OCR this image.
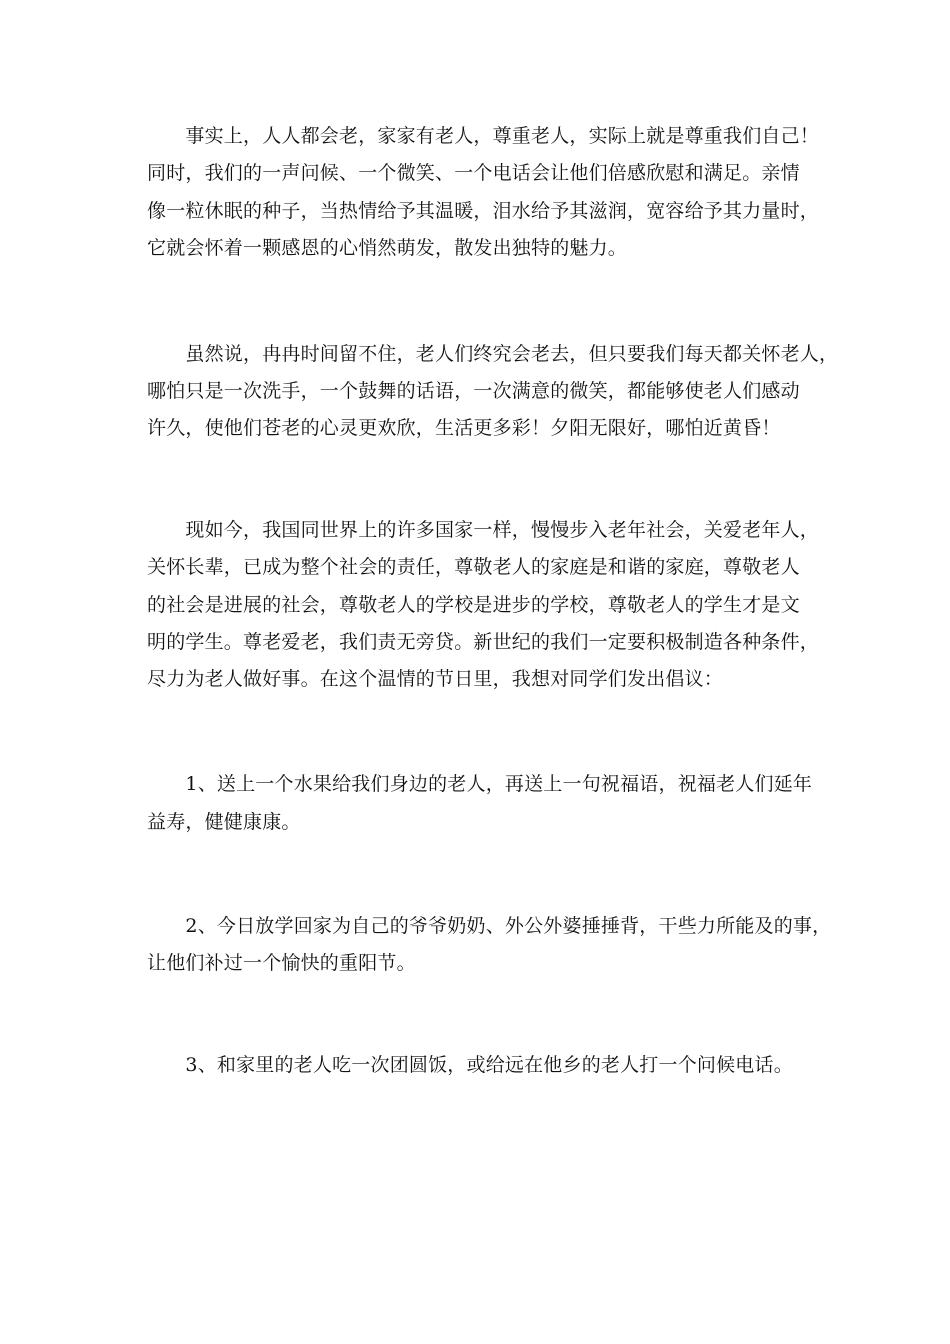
　　事实上，人人都会老，家家有老人，尊重老人，实际上就是尊重我们自己！
同时，我们的一声问候、一个微笑、一个电话会让他们倍感欣慰和满足。亲情
像一粒休眠的种子，当热情给予其温暖，泪水给予其滋润，宽容给予其力量时，
它就会怀着一颗感恩的心悄然萌发，散发出独特的魅力。
　　虽然说，冉冉时间留不住，老人们终究会老去，但只要我们每天都关怀老人，
哪怕只是一次洗手，一个鼓舞的话语，一次满意的微笑，都能够使老人们感动
许久，使他们苍老的心灵更欢欣，生活更多彩！夕阳无限好，哪怕近黄昏！
　　现如今，我国同世界上的许多国家一样，慢慢步入老年社会，关爱老年人，
关怀长辈，已成为整个社会的责任，尊敬老人的家庭是和谐的家庭，尊敬老人
的社会是进展的社会，尊敬老人的学校是进步的学校，尊敬老人的学生才是文
明的学生。尊老爱老，我们责无旁贷。新世纪的我们一定要积极制造各种条件，
尽力为老人做好事。在这个温情的节日里，我想对同学们发出倡议：
　　1、送上一个水果给我们身边的老人，再送上一句祝福语，祝福老人们延年
益寿，健健康康。
　　2、今日放学回家为自己的爷爷奶奶、外公外婆捶捶背，干些力所能及的事，
让他们补过一个愉快的重阳节。
　　3、和家里的老人吃一次团圆饭，或给远在他乡的老人打一个问候电话。
